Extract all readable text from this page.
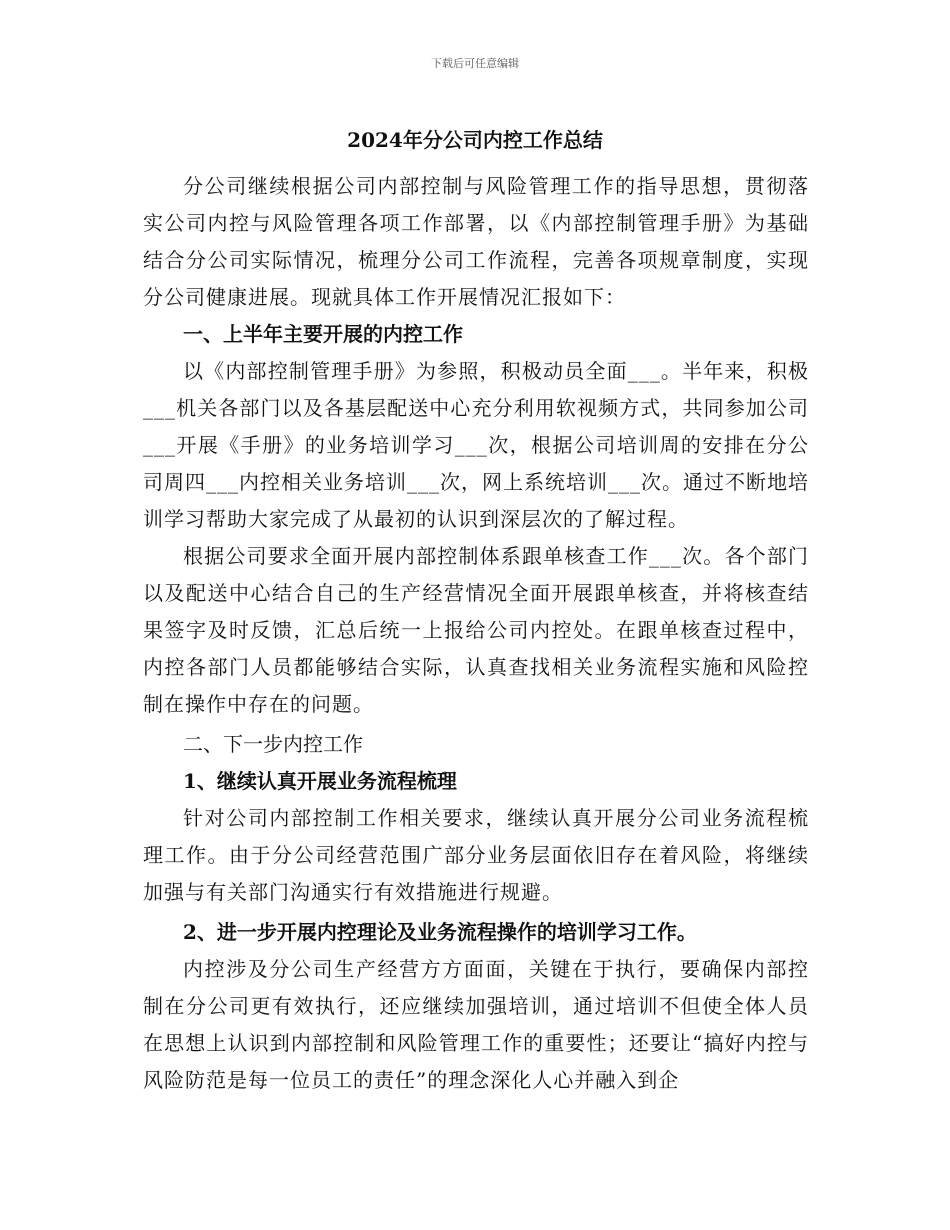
下载后可任意编辑
2024年分公司内控工作总结

分公司继续根据公司内部控制与风险管理工作的指导思想，贯彻落实公司内控与风险管理各项工作部署，以《内部控制管理手册》为基础结合分公司实际情况，梳理分公司工作流程，完善各项规章制度，实现分公司健康进展。现就具体工作开展情况汇报如下：

一、上半年主要开展的内控工作

以《内部控制管理手册》为参照，积极动员全面___。半年来，积极___机关各部门以及各基层配送中心充分利用软视频方式，共同参加公司___开展《手册》的业务培训学习___次，根据公司培训周的安排在分公司周四___内控相关业务培训___次，网上系统培训___次。通过不断地培训学习帮助大家完成了从最初的认识到深层次的了解过程。

根据公司要求全面开展内部控制体系跟单核查工作___次。各个部门以及配送中心结合自己的生产经营情况全面开展跟单核查，并将核查结果签字及时反馈，汇总后统一上报给公司内控处。在跟单核查过程中，内控各部门人员都能够结合实际，认真查找相关业务流程实施和风险控制在操作中存在的问题。

二、下一步内控工作

1、继续认真开展业务流程梳理

针对公司内部控制工作相关要求，继续认真开展分公司业务流程梳理工作。由于分公司经营范围广部分业务层面依旧存在着风险，将继续加强与有关部门沟通实行有效措施进行规避。

2、进一步开展内控理论及业务流程操作的培训学习工作。

内控涉及分公司生产经营方方面面，关键在于执行，要确保内部控制在分公司更有效执行，还应继续加强培训，通过培训不但使全体人员在思想上认识到内部控制和风险管理工作的重要性；还要让“搞好内控与风险防范是每一位员工的责任”的理念深化人心并融入到企
